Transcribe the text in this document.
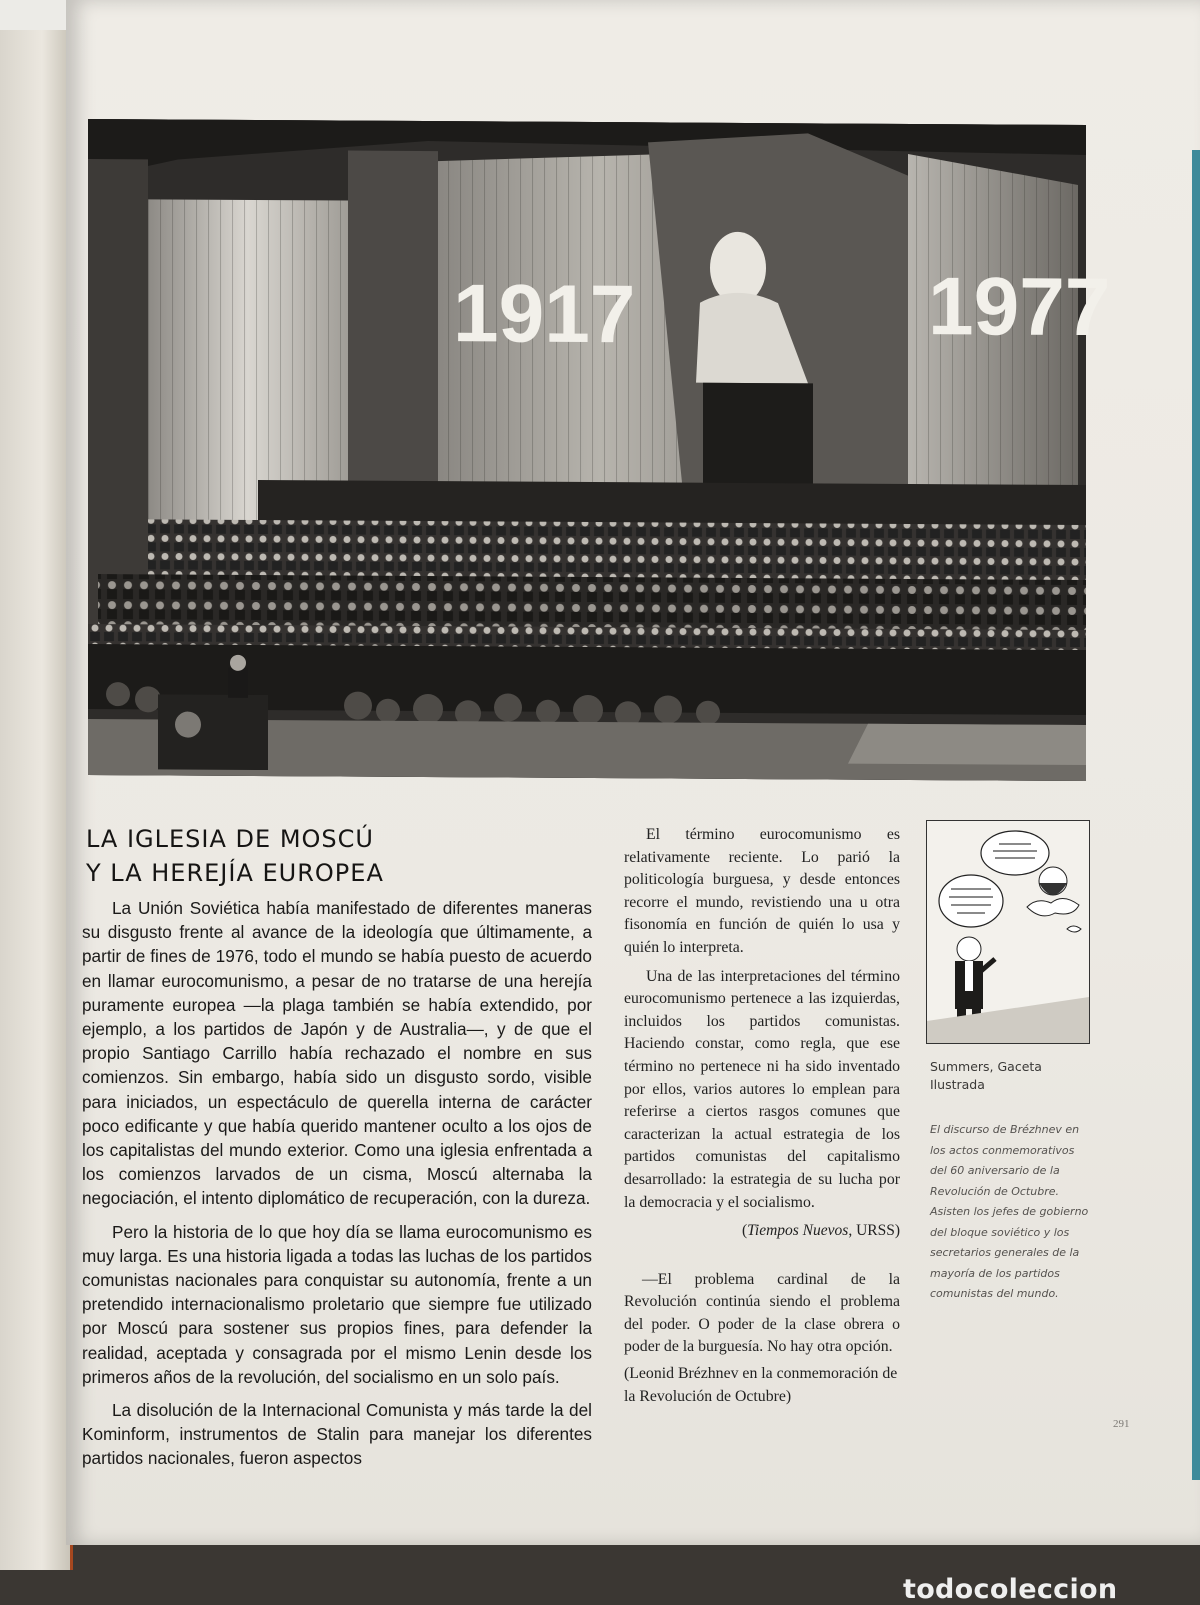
1917	1977
LA IGLESIA DE MOSCÚ
Y LA HEREJÍA EUROPEA

La Unión Soviética había manifestado de diferentes maneras su disgusto frente al avance de la ideología que últimamente, a partir de fines de 1976, todo el mundo se había puesto de acuerdo en llamar eurocomunismo, a pesar de no tratarse de una herejía puramente europea —la plaga también se había extendido, por ejemplo, a los partidos de Japón y de Australia—, y de que el propio Santiago Carrillo había rechazado el nombre en sus comienzos. Sin embargo, había sido un disgusto sordo, visible para iniciados, un espectáculo de querella interna de carácter poco edificante y que había querido mantener oculto a los ojos de los capitalistas del mundo exterior. Como una iglesia enfrentada a los comienzos larvados de un cisma, Moscú alternaba la negociación, el intento diplomático de recuperación, con la dureza.

Pero la historia de lo que hoy día se llama eurocomunismo es muy larga. Es una historia ligada a todas las luchas de los partidos comunistas nacionales para conquistar su autonomía, frente a un pretendido internacionalismo proletario que siempre fue utilizado por Moscú para sostener sus propios fines, para defender la realidad, aceptada y consagrada por el mismo Lenin desde los primeros años de la revolución, del socialismo en un solo país.

La disolución de la Internacional Comunista y más tarde la del Kominform, instrumentos de Stalin para manejar los diferentes partidos nacionales, fueron aspectos

El término eurocomunismo es relativamente reciente. Lo parió la politicología burguesa, y desde entonces recorre el mundo, revistiendo una u otra fisonomía en función de quién lo usa y quién lo interpreta.

Una de las interpretaciones del término eurocomunismo pertenece a las izquierdas, incluidos los partidos comunistas. Haciendo constar, como regla, que ese término no pertenece ni ha sido inventado por ellos, varios autores lo emplean para referirse a ciertos rasgos comunes que caracterizan la actual estrategia de los partidos comunistas del capitalismo desarrollado: la estrategia de su lucha por la democracia y el socialismo.

(Tiempos Nuevos, URSS)

—El problema cardinal de la Revolución continúa siendo el problema del poder. O poder de la clase obrera o poder de la burguesía. No hay otra opción.

(Leonid Brézhnev en la conmemoración de la Revolución de Octubre)

Summers, Gaceta Ilustrada
El discurso de Brézhnev en los actos conmemorativos del 60 aniversario de la Revolución de Octubre. Asisten los jefes de gobierno del bloque soviético y los secretarios generales de la mayoría de los partidos comunistas del mundo.
291
todocoleccion
